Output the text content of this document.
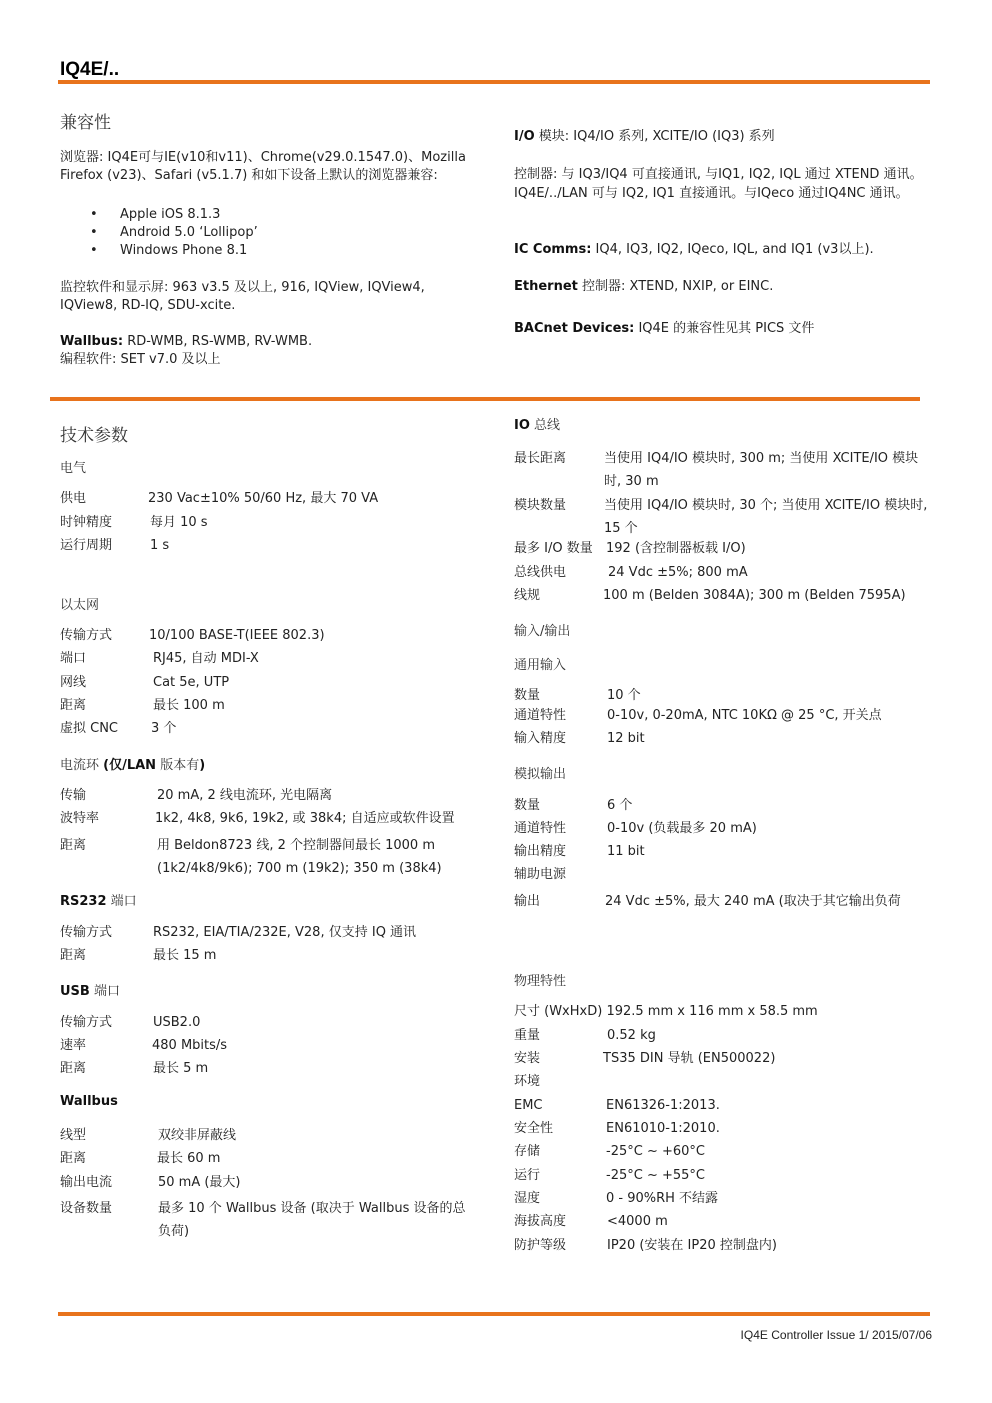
IQ4E/..
兼容性
浏览器: IQ4E可与IE(v10和v11)、Chrome(v29.0.1547.0)、Mozilla Firefox (v23)、Safari (v5.1.7) 和如下设备上默认的浏览器兼容:
• Apple iOS 8.1.3
• Android 5.0 ‘Lollipop’
• Windows Phone 8.1
监控软件和显示屏: 963 v3.5 及以上, 916, IQView, IQView4, IQView8, RD-IQ, SDU-xcite.
Wallbus: RD-WMB, RS-WMB, RV-WMB.
编程软件: SET v7.0 及以上
I/O 模块: IQ4/IO 系列, XCITE/IO (IQ3) 系列
控制器: 与 IQ3/IQ4 可直接通讯, 与IQ1, IQ2, IQL 通过 XTEND 通讯。IQ4E/../LAN 可与 IQ2, IQ1 直接通讯。与IQeco 通过IQ4NC 通讯。
IC Comms: IQ4, IQ3, IQ2, IQeco, IQL, and IQ1 (v3以上).
Ethernet 控制器: XTEND, NXIP, or EINC.
BACnet Devices: IQ4E 的兼容性见其 PICS 文件
技术参数
电气
供电	230 Vac±10% 50/60 Hz, 最大 70 VA
时钟精度	每月 10 s
运行周期	1 s
以太网
传输方式	10/100 BASE-T(IEEE 802.3)
端口	RJ45, 自动 MDI-X
网线	Cat 5e, UTP
距离	最长 100 m
虚拟 CNC	3 个
电流环 (仅/LAN 版本有)
传输	20 mA, 2 线电流环, 光电隔离
波特率	1k2, 4k8, 9k6, 19k2, 或 38k4; 自适应或软件设置
距离	用 Beldon8723 线, 2 个控制器间最长 1000 m (1k2/4k8/9k6); 700 m (19k2); 350 m (38k4)
RS232 端口
传输方式	RS232, EIA/TIA/232E, V28, 仅支持 IQ 通讯
距离	最长 15 m
USB 端口
传输方式	USB2.0
速率	480 Mbits/s
距离	最长 5 m
Wallbus
线型	双绞非屏蔽线
距离	最长 60 m
输出电流	50 mA (最大)
设备数量	最多 10 个 Wallbus 设备 (取决于 Wallbus 设备的总负荷)
IO 总线
最长距离	当使用 IQ4/IO 模块时, 300 m; 当使用 XCITE/IO 模块时, 30 m
模块数量	当使用 IQ4/IO 模块时, 30 个; 当使用 XCITE/IO 模块时, 15 个
最多 I/O 数量 192 (含控制器板载 I/O)
总线供电	24 Vdc ±5%; 800 mA
线规	100 m (Belden 3084A); 300 m (Belden 7595A)
输入/输出
通用输入
数量	10 个
通道特性	0-10v, 0-20mA, NTC 10KΩ @ 25 °C, 开关点
输入精度	12 bit
模拟输出
数量	6 个
通道特性	0-10v (负载最多 20 mA)
输出精度	11 bit
辅助电源
输出	24 Vdc ±5%, 最大 240 mA (取决于其它输出负荷
物理特性
尺寸 (WxHxD) 192.5 mm x 116 mm x 58.5 mm
重量	0.52 kg
安装	TS35 DIN 导轨 (EN500022)
环境
EMC	EN61326-1:2013.
安全性	EN61010-1:2010.
存储	-25°C ~ +60°C
运行	-25°C ~ +55°C
湿度	0 - 90%RH 不结露
海拔高度	<4000 m
防护等级	IP20 (安装在 IP20 控制盘内)
IQ4E Controller Issue 1/ 2015/07/06
